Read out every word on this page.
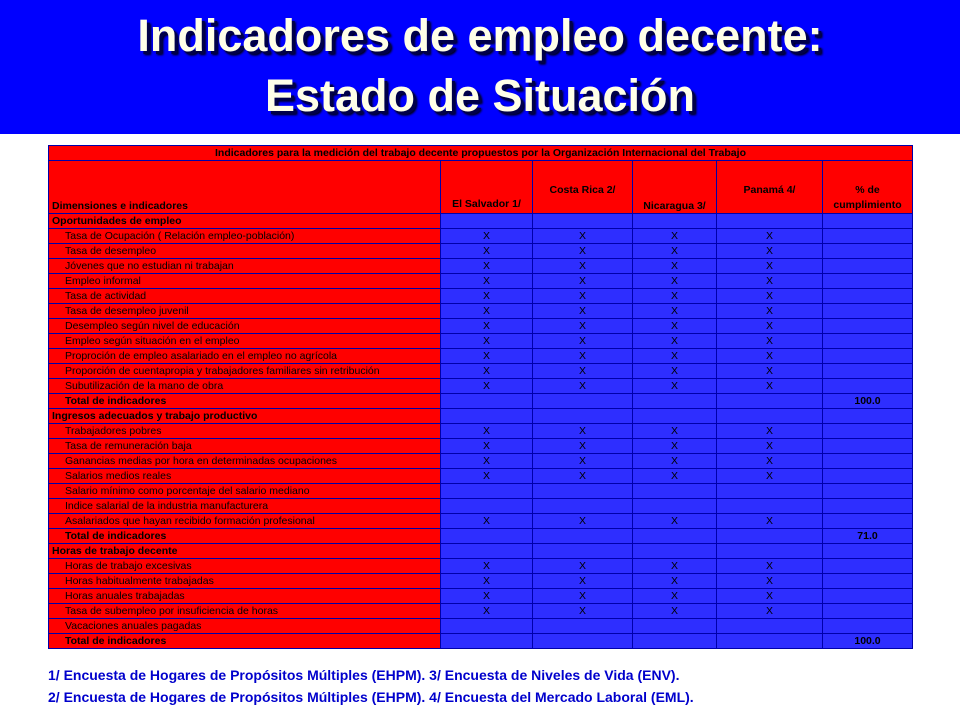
Indicadores de empleo decente:
Estado de Situación
Indicadores para la medición del trabajo decente propuestos por la Organización Internacional del Trabajo					
Dimensiones e indicadores	El Salvador 1/	Costa Rica 2/	Nicaragua 3/	Panamá 4/	% de cumplimiento
Oportunidades de empleo					
Tasa de Ocupación ( Relación empleo-población)	X	X	X	X	
Tasa de desempleo	X	X	X	X	
Jóvenes que no estudian ni trabajan	X	X	X	X	
Empleo informal	X	X	X	X	
Tasa de actividad	X	X	X	X	
Tasa de desempleo juvenil	X	X	X	X	
Desempleo según nivel de educación	X	X	X	X	
Empleo según situación en el empleo	X	X	X	X	
Proproción de empleo asalariado en el empleo no agrícola	X	X	X	X	
Proporción de cuentapropia y trabajadores familiares sin retribución	X	X	X	X	
Subutilización de la mano de obra	X	X	X	X	
Total de indicadores					100.0
Ingresos adecuados y trabajo productivo					
Trabajadores pobres	X	X	X	X	
Tasa de remuneración baja	X	X	X	X	
Ganancias medias por hora en determinadas ocupaciones	X	X	X	X	
Salarios medios reales	X	X	X	X	
Salario mínimo como porcentaje del salario mediano					
Indice salarial de la industria manufacturera					
Asalariados que hayan recibido formación profesional	X	X	X	X	
Total de indicadores					71.0
Horas de trabajo decente					
Horas de trabajo excesivas	X	X	X	X	
Horas habitualmente trabajadas	X	X	X	X	
Horas anuales trabajadas	X	X	X	X	
Tasa de subempleo por insuficiencia de horas	X	X	X	X	
Vacaciones anuales pagadas					
Total de indicadores					100.0
1/ Encuesta de Hogares de Propósitos Múltiples (EHPM). 3/ Encuesta de Niveles de Vida (ENV).
2/ Encuesta de Hogares de Propósitos Múltiples (EHPM). 4/ Encuesta del Mercado Laboral (EML).
